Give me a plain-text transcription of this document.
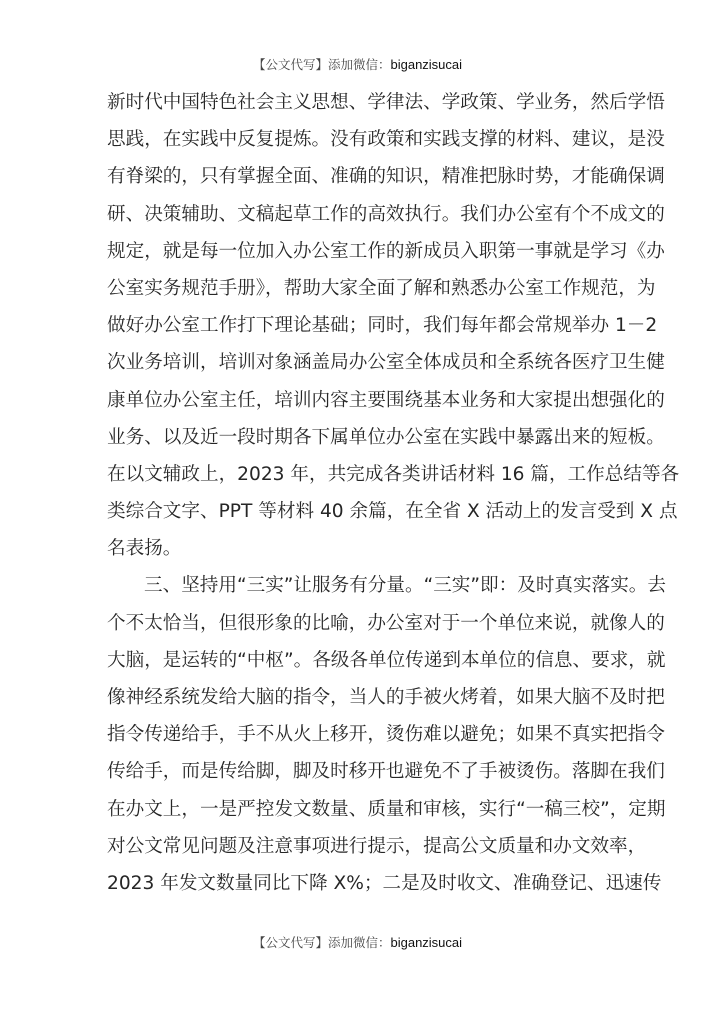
【公文代写】添加微信：biganzisucai
新时代中国特色社会主义思想、学律法、学政策、学业务，然后学悟
思践，在实践中反复提炼。没有政策和实践支撑的材料、建议，是没
有脊梁的，只有掌握全面、准确的知识，精准把脉时势，才能确保调
研、决策辅助、文稿起草工作的高效执行。我们办公室有个不成文的
规定，就是每一位加入办公室工作的新成员入职第一事就是学习《办
公室实务规范手册》，帮助大家全面了解和熟悉办公室工作规范，为
做好办公室工作打下理论基础；同时，我们每年都会常规举办 1－2
次业务培训，培训对象涵盖局办公室全体成员和全系统各医疗卫生健
康单位办公室主任，培训内容主要围绕基本业务和大家提出想强化的
业务、以及近一段时期各下属单位办公室在实践中暴露出来的短板。
在以文辅政上，2023 年，共完成各类讲话材料 16 篇，工作总结等各
类综合文字、PPT 等材料 40 余篇，在全省 X 活动上的发言受到 X 点
名表扬。
三、坚持用“三实”让服务有分量。“三实”即：及时真实落实。去
个不太恰当，但很形象的比喻，办公室对于一个单位来说，就像人的
大脑，是运转的“中枢”。各级各单位传递到本单位的信息、要求，就
像神经系统发给大脑的指令，当人的手被火烤着，如果大脑不及时把
指令传递给手，手不从火上移开，烫伤难以避免；如果不真实把指令
传给手，而是传给脚，脚及时移开也避免不了手被烫伤。落脚在我们
在办文上，一是严控发文数量、质量和审核，实行“一稿三校”，定期
对公文常见问题及注意事项进行提示，提高公文质量和办文效率，
2023 年发文数量同比下降 X%；二是及时收文、准确登记、迅速传
【公文代写】添加微信：biganzisucai
